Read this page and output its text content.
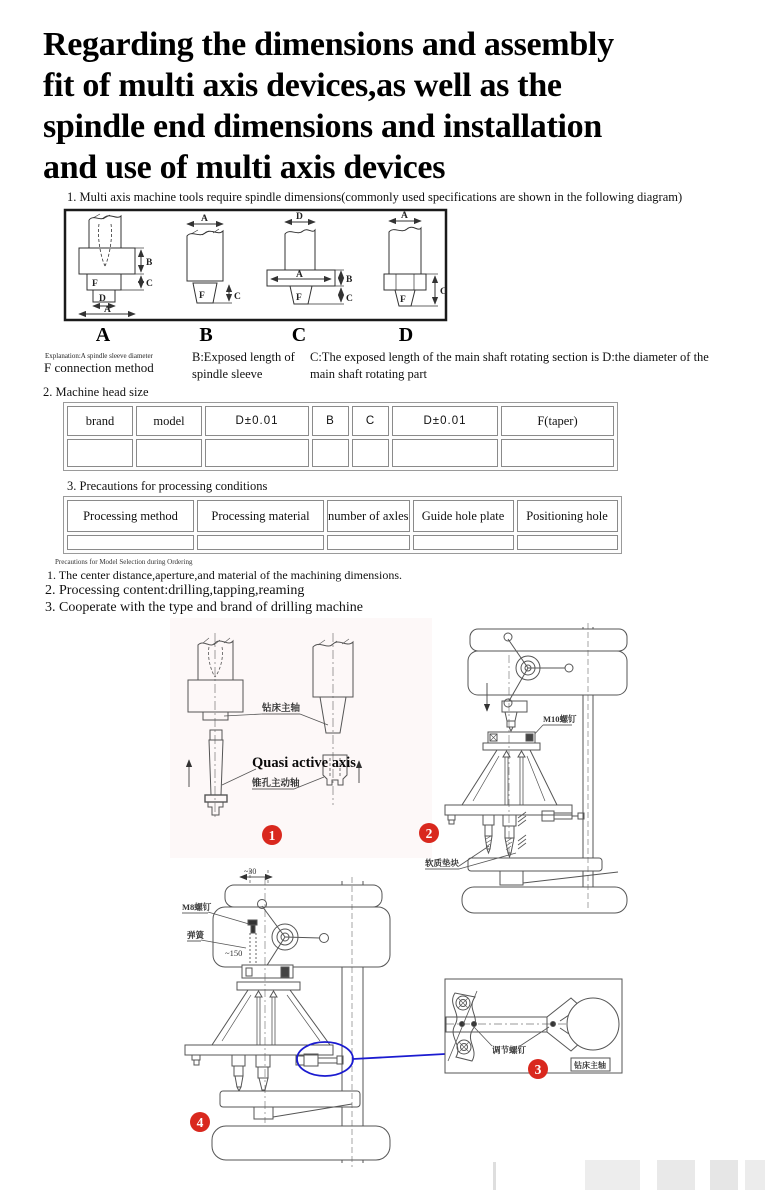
Regarding the dimensions and assembly
fit of multi axis devices,as well as the
spindle end dimensions and installation
and use of multi axis devices
1. Multi axis machine tools require spindle dimensions(commonly used specifications are shown in the following diagram)
F
D
A
B
C
A
F	C
D
A	B
F	C
A
F
C
A	B	C	D
Explanation:A spindle sleeve diameter
F connection method
B:Exposed length of spindle sleeve
C:The exposed length of the main shaft rotating section is D:the diameter of the main shaft rotating part
2. Machine head size
brand	model	D±0.01	B	C	D±0.01	F(taper)

3. Precautions for processing conditions
Processing method	Processing material	number of axles	Guide hole plate	Positioning hole

Precautions for Model Selection during Ordering
1. The center distance,aperture,and material of the machining dimensions.
2. Processing content:drilling,tapping,reaming
3. Cooperate with the type and brand of drilling machine
钻床主轴
Quasi active axis
锥孔主动轴
1
M10螺钉
软质垫块
2
~30
M8螺钉
弹簧
~150
4
调节螺钉
钻床主轴
3
